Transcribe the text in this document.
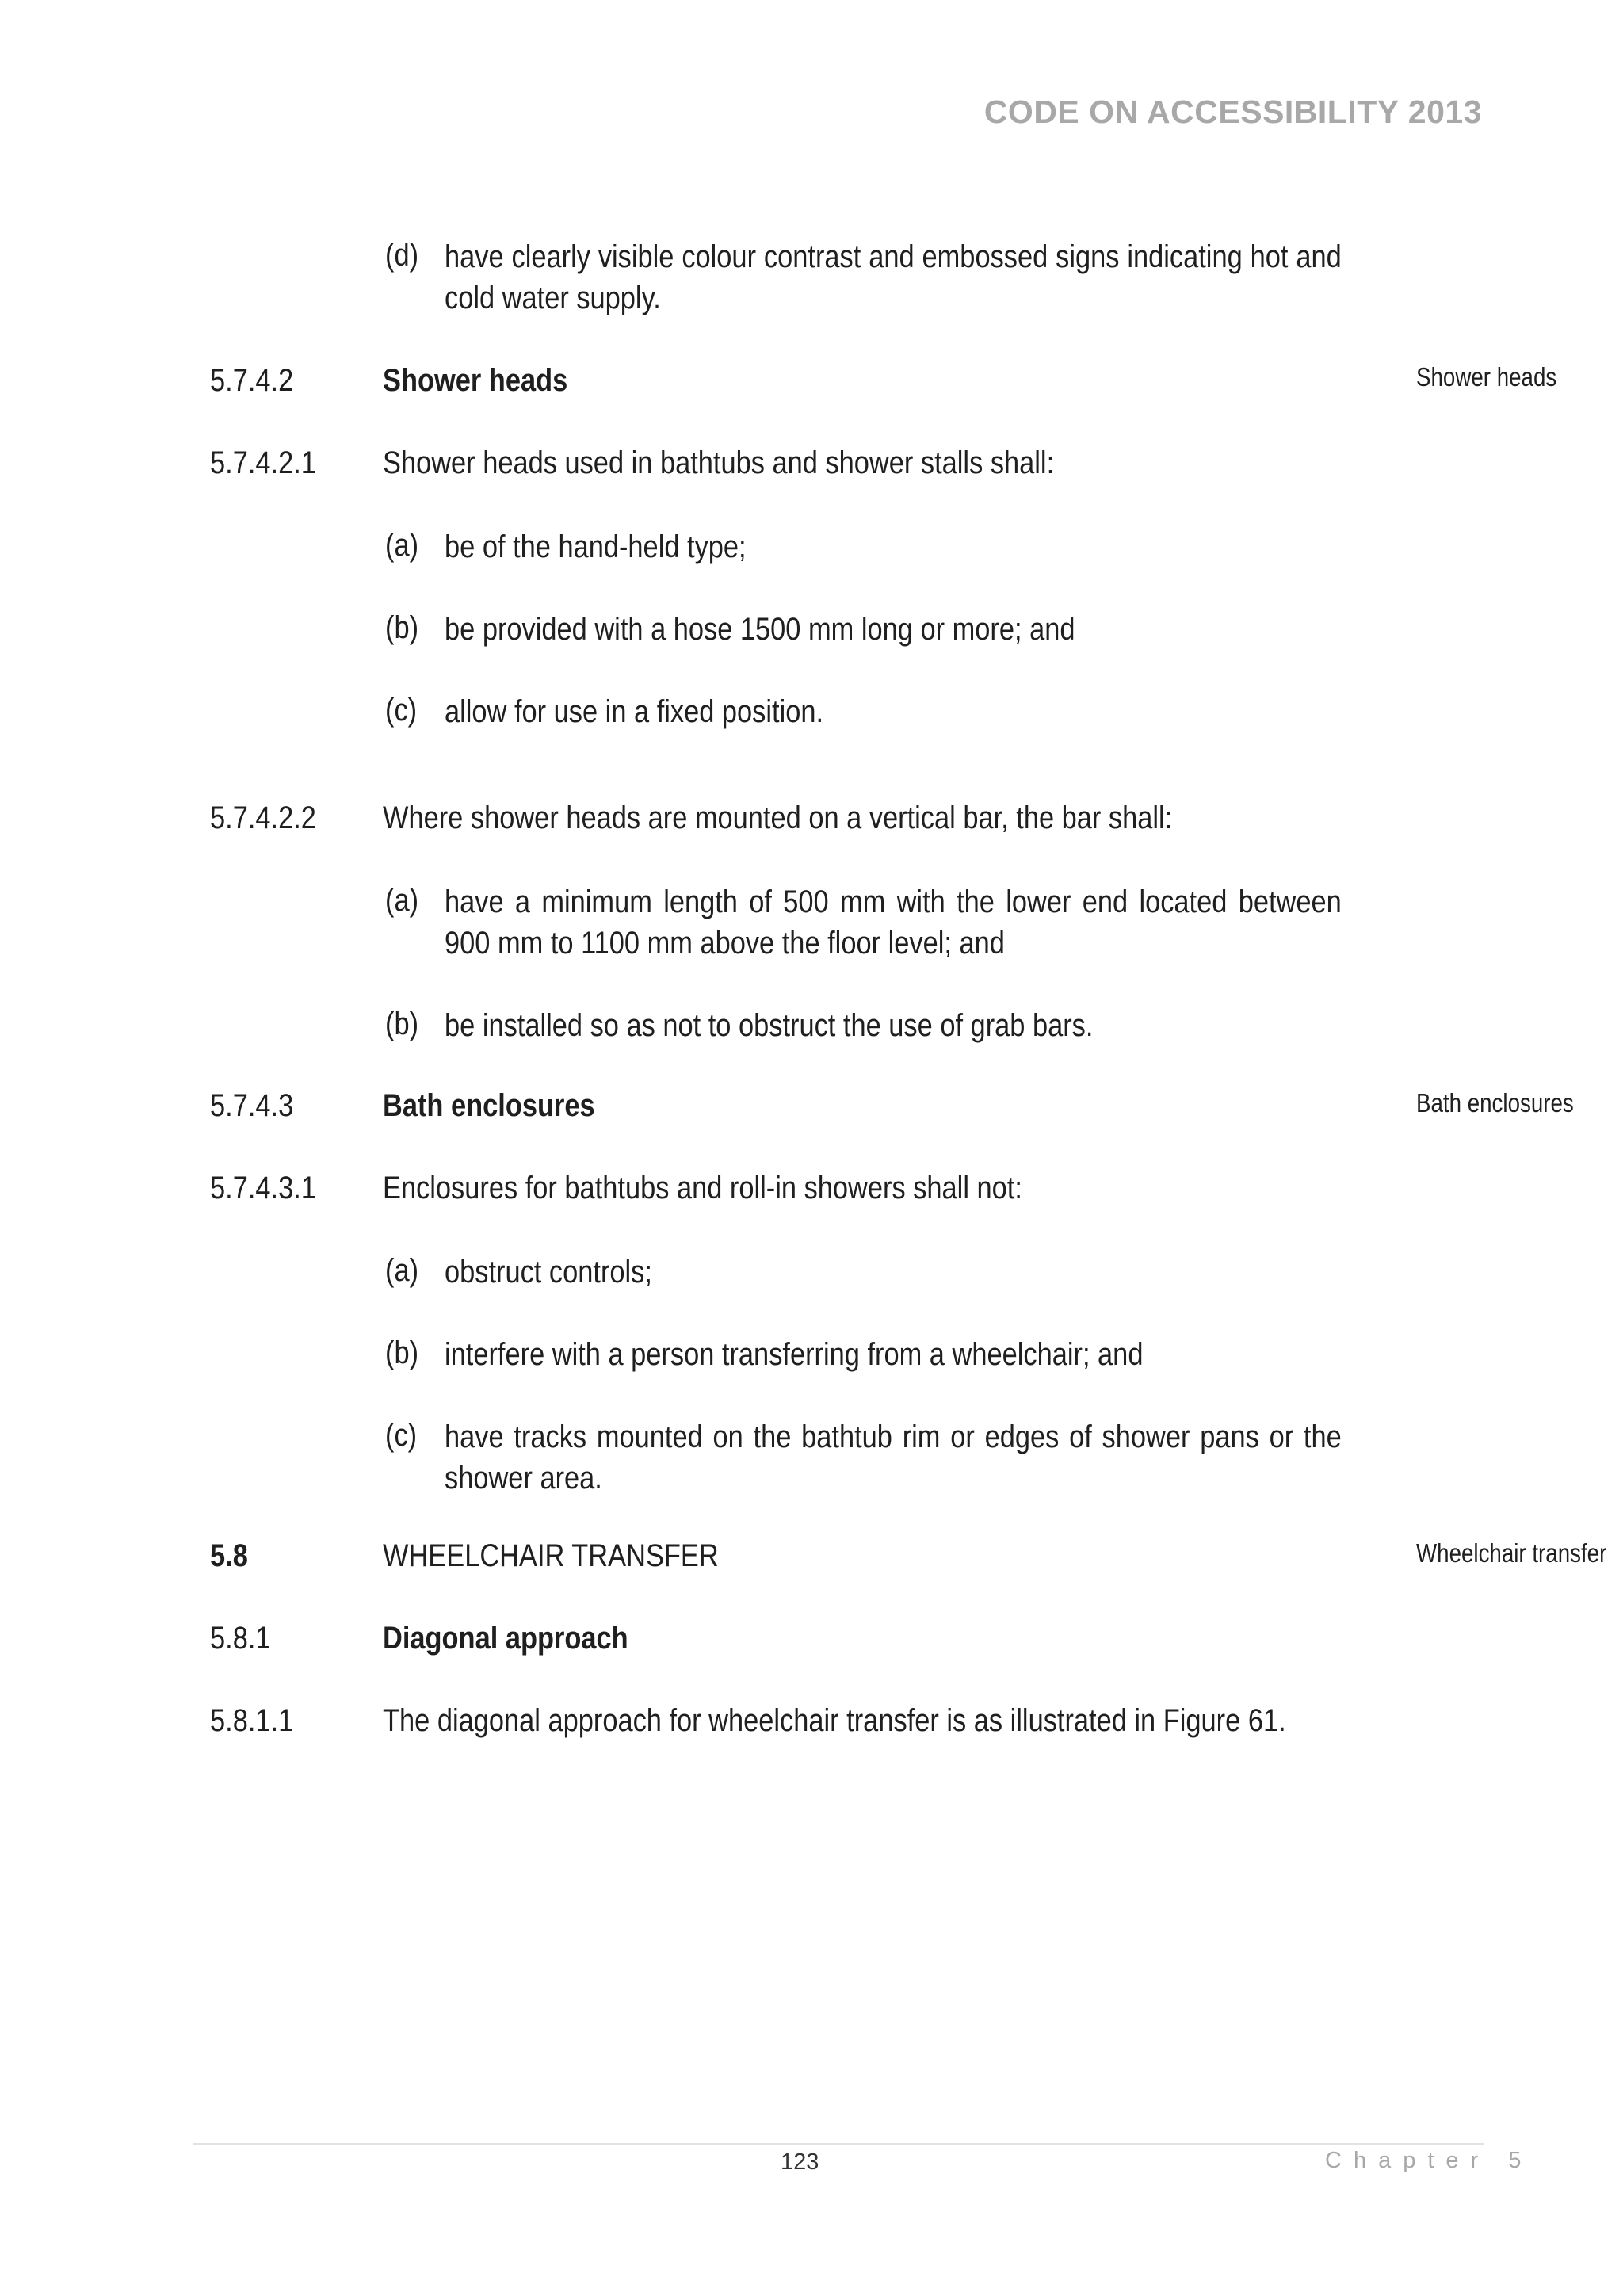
CODE ON ACCESSIBILITY 2013
(d) have clearly visible colour contrast and embossed signs indicating hot and cold water supply.
5.7.4.2	Shower heads	Shower heads
5.7.4.2.1 Shower heads used in bathtubs and shower stalls shall:
(a) be of the hand-held type;
(b) be provided with a hose 1500 mm long or more; and
(c) allow for use in a fixed position.
5.7.4.2.2 Where shower heads are mounted on a vertical bar, the bar shall:
(a) have a minimum length of 500 mm with the lower end located between 900 mm to 1100 mm above the floor level; and
(b) be installed so as not to obstruct the use of grab bars.
5.7.4.3	Bath enclosures	Bath enclosures
5.7.4.3.1 Enclosures for bathtubs and roll-in showers shall not:
(a) obstruct controls;
(b) interfere with a person transferring from a wheelchair; and
(c) have tracks mounted on the bathtub rim or edges of shower pans or the shower area.
5.8	WHEELCHAIR TRANSFER	Wheelchair transfer
5.8.1	Diagonal approach
5.8.1.1	The diagonal approach for wheelchair transfer is as illustrated in Figure 61.
123	Chapter 5
